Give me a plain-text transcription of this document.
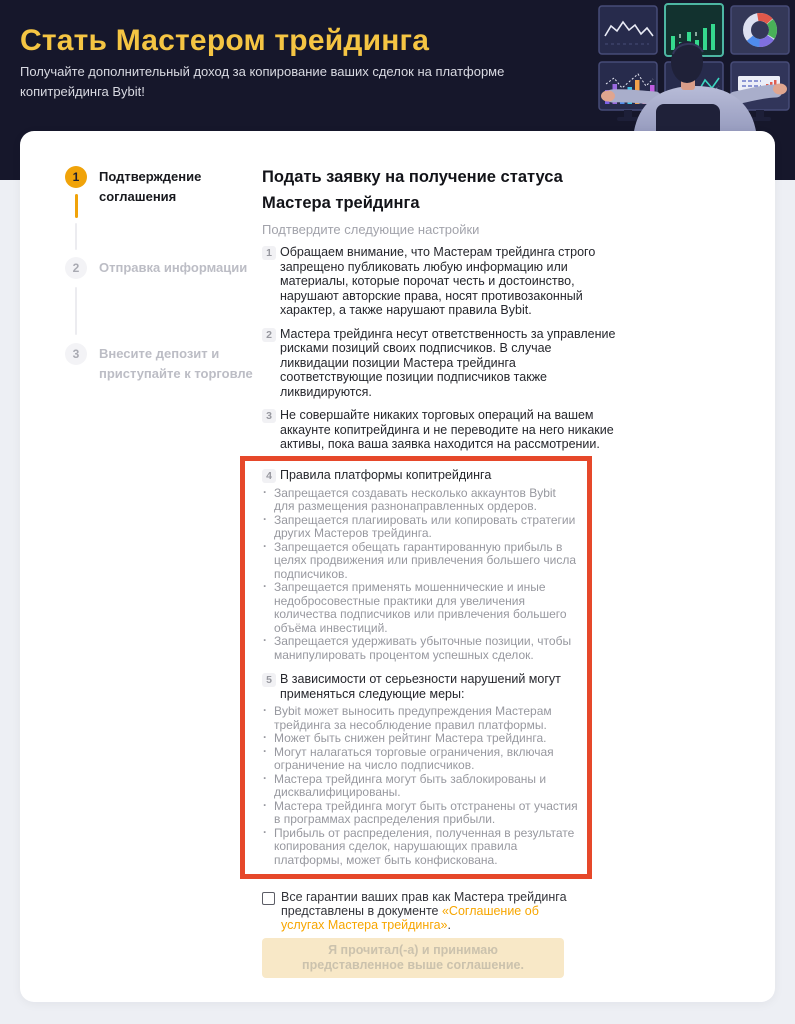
Стать Мастером трейдинга

Получайте дополнительный доход за копирование ваших сделок на платформе копитрейдинга Bybit!

1	Подтверждение соглашения
2	Отправка информации
3	Внесите депозит и приступайте к торговле
Подать заявку на получение статуса Мастера трейдинга

Подтвердите следующие настройки

1 Обращаем внимание, что Мастерам трейдинга строго запрещено публиковать любую информацию или материалы, которые порочат честь и достоинство, нарушают авторские права, носят противозаконный характер, а также нарушают правила Bybit.
2 Мастера трейдинга несут ответственность за управление рисками позиций своих подписчиков. В случае ликвидации позиции Мастера трейдинга соответствующие позиции подписчиков также ликвидируются.
3 Не совершайте никаких торговых операций на вашем аккаунте копитрейдинга и не переводите на него никакие активы, пока ваша заявка находится на рассмотрении.
4 Правила платформы копитрейдинга
· Запрещается создавать несколько аккаунтов Bybit для размещения разнонаправленных ордеров.
· Запрещается плагиировать или копировать стратегии других Мастеров трейдинга.
· Запрещается обещать гарантированную прибыль в целях продвижения или привлечения большего числа подписчиков.
· Запрещается применять мошеннические и иные недобросовестные практики для увеличения количества подписчиков или привлечения большего объёма инвестиций.
· Запрещается удерживать убыточные позиции, чтобы манипулировать процентом успешных сделок.
5 В зависимости от серьезности нарушений могут применяться следующие меры:
· Bybit может выносить предупреждения Мастерам трейдинга за несоблюдение правил платформы.
· Может быть снижен рейтинг Мастера трейдинга.
· Могут налагаться торговые ограничения, включая ограничение на число подписчиков.
· Мастера трейдинга могут быть заблокированы и дисквалифицированы.
· Мастера трейдинга могут быть отстранены от участия в программах распределения прибыли.
· Прибыль от распределения, полученная в результате копирования сделок, нарушающих правила платформы, может быть конфискована.
Все гарантии ваших прав как Мастера трейдинга представлены в документе «Соглашение об услугах Мастера трейдинга».
Я прочитал(-а) и принимаю представленное выше соглашение.
